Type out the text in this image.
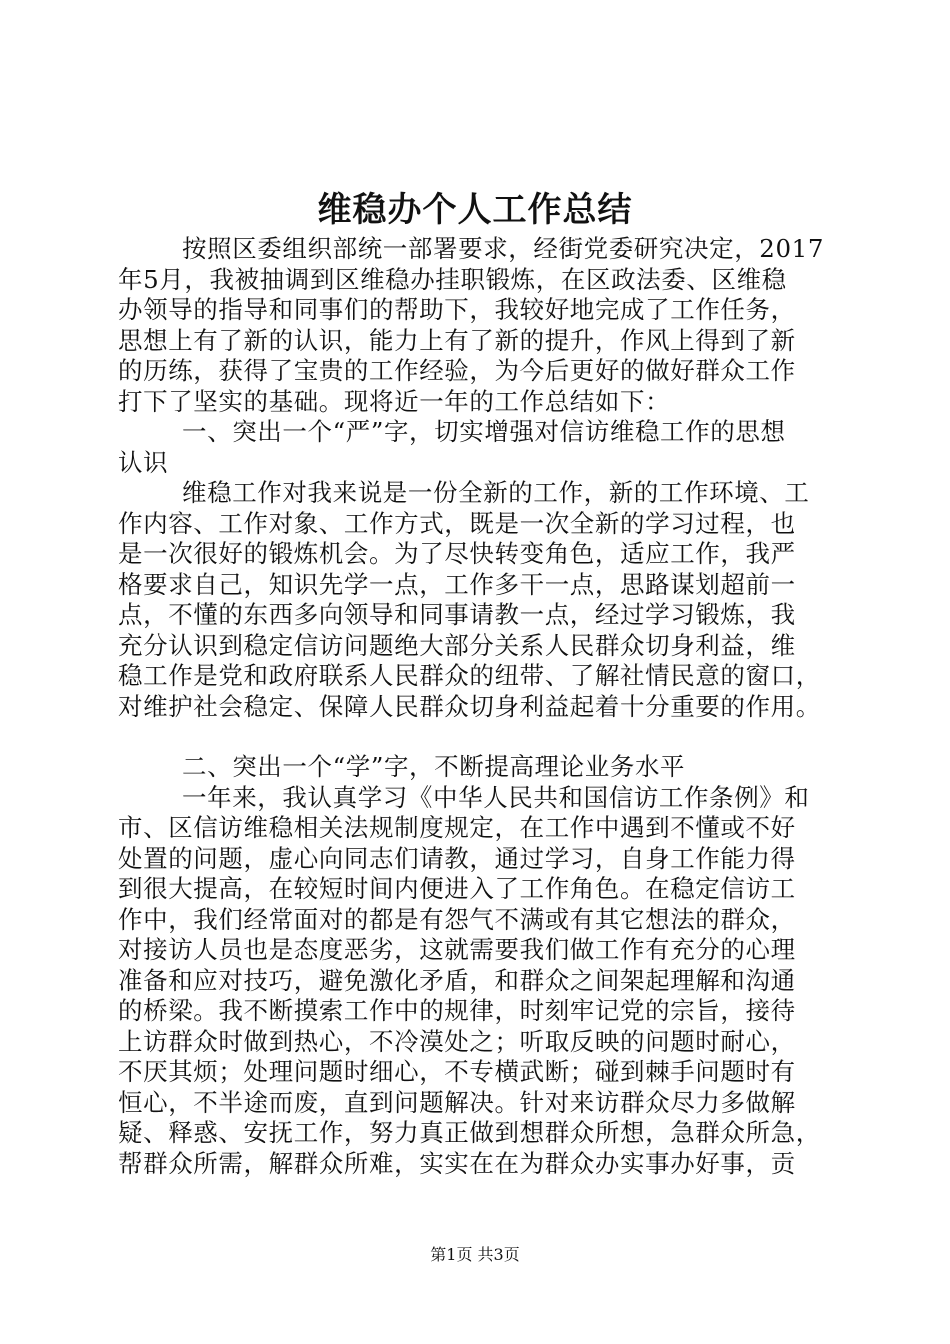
维稳办个人工作总结
按照区委组织部统一部署要求，经街党委研究决定，2017
年5月，我被抽调到区维稳办挂职锻炼，在区政法委、区维稳
办领导的指导和同事们的帮助下，我较好地完成了工作任务，
思想上有了新的认识，能力上有了新的提升，作风上得到了新
的历练，获得了宝贵的工作经验，为今后更好的做好群众工作
打下了坚实的基础。现将近一年的工作总结如下：
一、突出一个“严”字，切实增强对信访维稳工作的思想
认识
维稳工作对我来说是一份全新的工作，新的工作环境、工
作内容、工作对象、工作方式，既是一次全新的学习过程，也
是一次很好的锻炼机会。为了尽快转变角色，适应工作，我严
格要求自己，知识先学一点，工作多干一点，思路谋划超前一
点，不懂的东西多向领导和同事请教一点，经过学习锻炼，我
充分认识到稳定信访问题绝大部分关系人民群众切身利益，维
稳工作是党和政府联系人民群众的纽带、了解社情民意的窗口，
对维护社会稳定、保障人民群众切身利益起着十分重要的作用。
二、突出一个“学”字，不断提高理论业务水平
一年来，我认真学习《中华人民共和国信访工作条例》和
市、区信访维稳相关法规制度规定，在工作中遇到不懂或不好
处置的问题，虚心向同志们请教，通过学习，自身工作能力得
到很大提高，在较短时间内便进入了工作角色。在稳定信访工
作中，我们经常面对的都是有怨气不满或有其它想法的群众，
对接访人员也是态度恶劣，这就需要我们做工作有充分的心理
准备和应对技巧，避免激化矛盾，和群众之间架起理解和沟通
的桥梁。我不断摸索工作中的规律，时刻牢记党的宗旨，接待
上访群众时做到热心，不冷漠处之；听取反映的问题时耐心，
不厌其烦；处理问题时细心，不专横武断；碰到棘手问题时有
恒心，不半途而废，直到问题解决。针对来访群众尽力多做解
疑、释惑、安抚工作，努力真正做到想群众所想，急群众所急，
帮群众所需，解群众所难，实实在在为群众办实事办好事，贡
第1页 共3页
